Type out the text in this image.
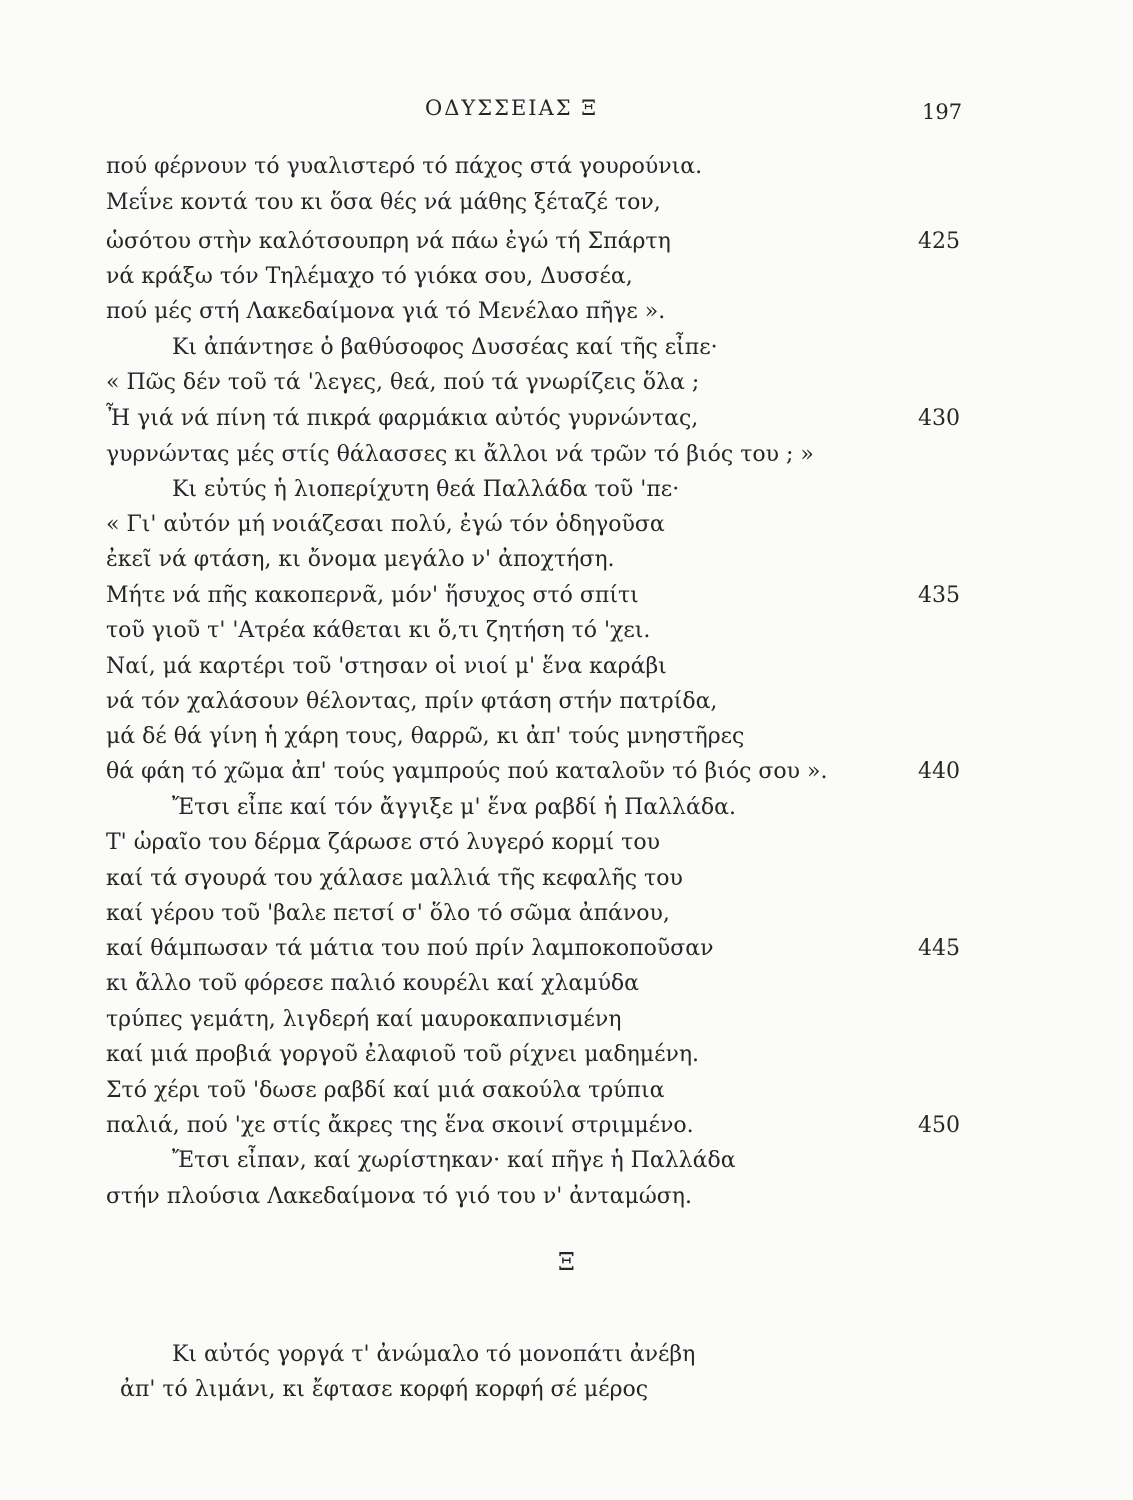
ΟΔΥΣΣΕΙΑΣ Ξ	197
πού φέρνουν τό γυαλιστερό τό πάχος στά γουρούνια.
Μεΐνε κοντά του κι ὅσα θές νά μάθης ξέταζέ τον,
ὡσότου στὴν καλότσουπρη νά πάω ἐγώ τή Σπάρτη	425
νά κράξω τόν Τηλέμαχο τό γιόκα σου, Δυσσέα,
πού μές στή Λακεδαίμονα γιά τό Μενέλαο πῆγε ».
Κι ἀπάντησε ὁ βαθύσοφος Δυσσέας καί τῆς εἶπε·
« Πῶς δέν τοῦ τά 'λεγες, θεά, πού τά γνωρίζεις ὅλα ;
Ἦ γιά νά πίνη τά πικρά φαρμάκια αὐτός γυρνώντας,	430
γυρνώντας μές στίς θάλασσες κι ἄλλοι νά τρῶν τό βιός του ; »
Κι εὐτύς ἡ λιοπερίχυτη θεά Παλλάδα τοῦ 'πε·
« Γι' αὐτόν μή νοιάζεσαι πολύ, ἐγώ τόν ὁδηγοῦσα
ἐκεῖ νά φτάση, κι ὄνομα μεγάλο ν' ἀποχτήση.
Μήτε νά πῆς κακοπερνᾶ, μόν' ἥσυχος στό σπίτι	435
τοῦ γιοῦ τ' 'Ατρέα κάθεται κι ὅ,τι ζητήση τό 'χει.
Ναί, μά καρτέρι τοῦ 'στησαν οἱ νιοί μ' ἕνα καράβι
νά τόν χαλάσουν θέλοντας, πρίν φτάση στήν πατρίδα,
μά δέ θά γίνη ἡ χάρη τους, θαρρῶ, κι ἀπ' τούς μνηστῆρες
θά φάη τό χῶμα ἀπ' τούς γαμπρούς πού καταλοῦν τό βιός σου ».	440
Ἔτσι εἶπε καί τόν ἄγγιξε μ' ἕνα ραβδί ἡ Παλλάδα.
Τ' ὡραῖο του δέρμα ζάρωσε στό λυγερό κορμί του
καί τά σγουρά του χάλασε μαλλιά τῆς κεφαλῆς του
καί γέρου τοῦ 'βαλε πετσί σ' ὅλο τό σῶμα ἀπάνου,
καί θάμπωσαν τά μάτια του πού πρίν λαμποκοποῦσαν	445
κι ἄλλο τοῦ φόρεσε παλιό κουρέλι καί χλαμύδα
τρύπες γεμάτη, λιγδερή καί μαυροκαπνισμένη
καί μιά προβιά γοργοῦ ἐλαφιοῦ τοῦ ρίχνει μαδημένη.
Στό χέρι τοῦ 'δωσε ραβδί καί μιά σακούλα τρύπια
παλιά, πού 'χε στίς ἄκρες της ἕνα σκοινί στριμμένο.	450
Ἔτσι εἶπαν, καί χωρίστηκαν· καί πῆγε ἡ Παλλάδα
στήν πλούσια Λακεδαίμονα τό γιό του ν' ἀνταμώση.
Ξ
Κι αὐτός γοργά τ' ἀνώμαλο τό μονοπάτι ἀνέβη
ἀπ' τό λιμάνι, κι ἔφτασε κορφή κορφή σέ μέρος
